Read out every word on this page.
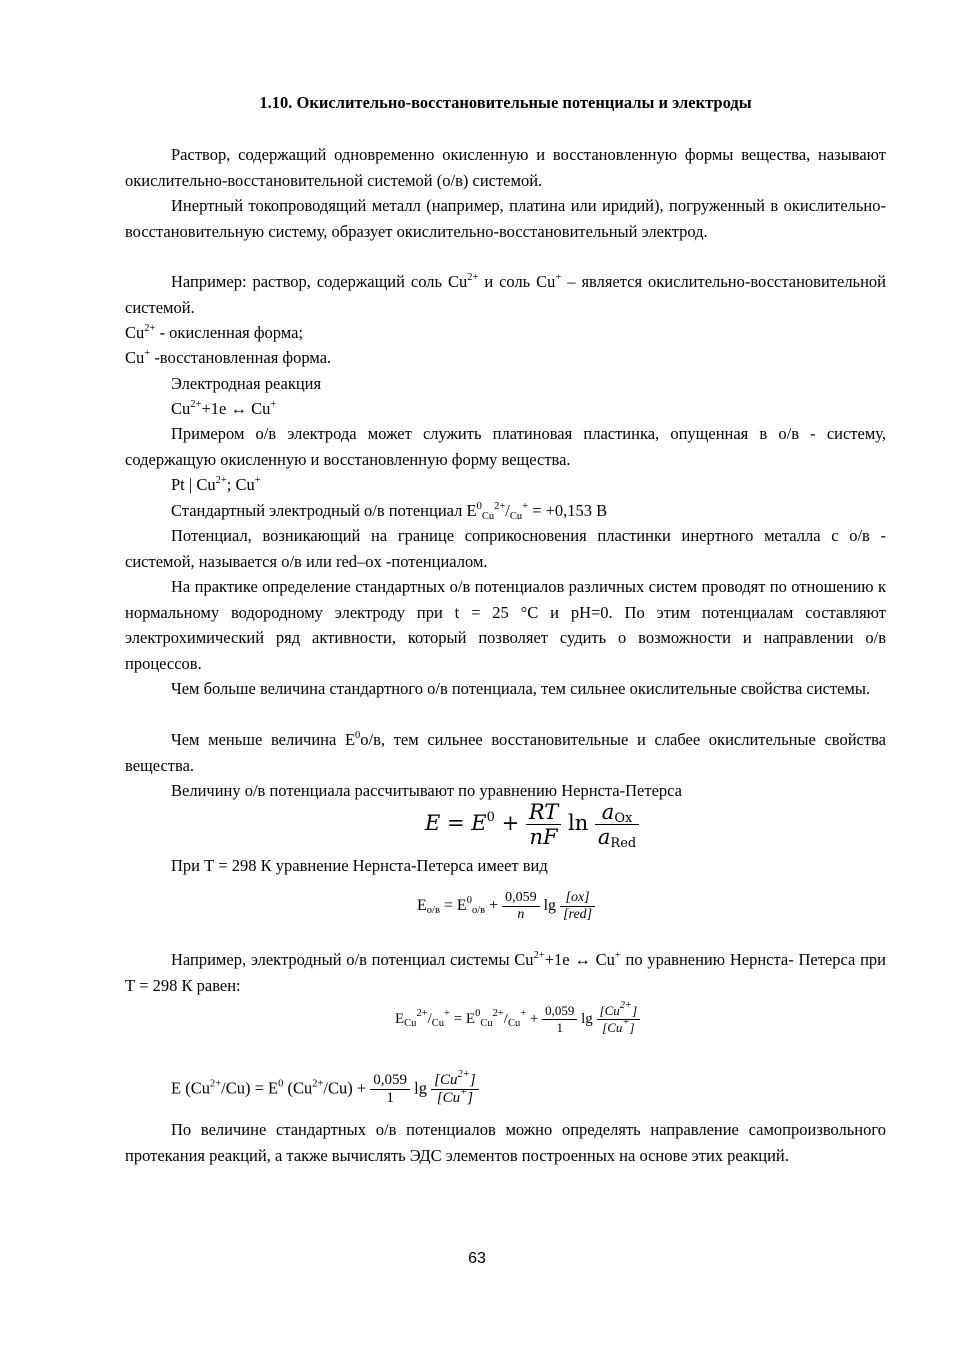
1.10. Окислительно-восстановительные потенциалы и электроды
Раствор, содержащий одновременно окисленную и восстановленную формы вещества, называют окислительно-восстановительной системой (о/в) системой.
Инертный токопроводящий металл (например, платина или иридий), погруженный в окислительно-восстановительную систему, образует окислительно-восстановительный электрод.
Например: раствор, содержащий соль $Cu^{2+}$ и соль Cu+ – является окислительно-восстановительной системой.
$Cu^{2+}$ - окисленная форма;
Cu+ -восстановленная форма.
Электродная реакция
$Cu^{2+}+1e$ ↔ Cu+
Примером о/в электрода может служить платиновая пластинка, опущенная в о/в - систему, содержащую окисленную и восстановленную форму вещества.
Pt | $Cu^{2+}$; Cu+
Стандартный электродный о/в потенциал $E^0_{Cu}^{2+}/_{Cu}^+ = +0,153$ В
Потенциал, возникающий на границе соприкосновения пластинки инертного металла с о/в - системой, называется о/в или red–ox -потенциалом.
На практике определение стандартных о/в потенциалов различных систем проводят по отношению к нормальному водородному электроду при t = 25 °С и рН=0. По этим потенциалам составляют электрохимический ряд активности, который позволяет судить о возможности и направлении о/в процессов.
Чем больше величина стандартного о/в потенциала, тем сильнее окислительные свойства системы.
Чем меньше величина $E^0о/в$, тем сильнее восстановительные и слабее окислительные свойства вещества.
Величину о/в потенциала рассчитывают по уравнению Нернста-Петерса
$E = E^0 + \frac{RT}{nF}$ $\ln \frac{a_{Ox}}{a_{Red}}$
При Т = 298 К уравнение Нернста-Петерса имеет вид
$E_{о/в} = E^0_{о/в} + \frac{0,059}{n}$ $\lg \frac{[ox]}{\text{[red]}}$
Например, электродный о/в потенциал системы $Cu^{2+}+1e$ ↔ Cu+ по уравнению Нернста- Петерса при Т = 298 К равен:
$E_{Cu}^{2+}/_{Cu}^+ = E^0_{Cu}^{2+}/_{Cu}^+ + \frac{0,059}{1}$ $\lg \frac{[Cu^{2+}]}{[Cu^+]}$
E $(Cu^{2+}/Cu) = E^0$ $(Cu^{2+}/Cu) + \frac{0,059}{1}$ $\lg \frac{[Cu^{2+}]}{[Cu^+]}$
По величине стандартных о/в потенциалов можно определять направление самопроизвольного протекания реакций, а также вычислять ЭДС элементов построенных на основе этих реакций.
63
